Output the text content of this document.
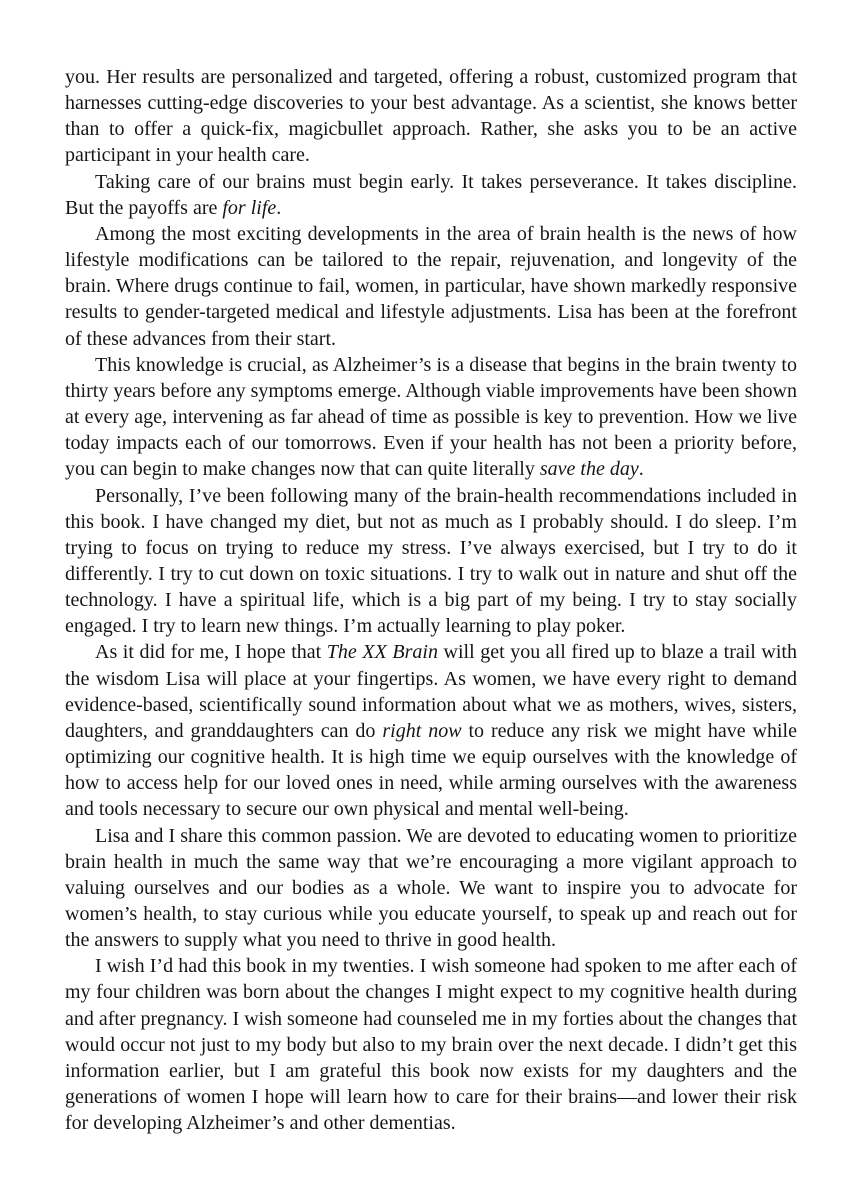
you. Her results are personalized and targeted, offering a robust, customized program that harnesses cutting-edge discoveries to your best advantage. As a scientist, she knows better than to offer a quick-fix, magicbullet approach. Rather, she asks you to be an active participant in your health care.

Taking care of our brains must begin early. It takes perseverance. It takes discipline. But the payoffs are for life.

Among the most exciting developments in the area of brain health is the news of how lifestyle modifications can be tailored to the repair, rejuvenation, and longevity of the brain. Where drugs continue to fail, women, in particular, have shown markedly responsive results to gender-targeted medical and lifestyle adjustments. Lisa has been at the forefront of these advances from their start.

This knowledge is crucial, as Alzheimer’s is a disease that begins in the brain twenty to thirty years before any symptoms emerge. Although viable improvements have been shown at every age, intervening as far ahead of time as possible is key to prevention. How we live today impacts each of our tomorrows. Even if your health has not been a priority before, you can begin to make changes now that can quite literally save the day.

Personally, I’ve been following many of the brain-health recommendations included in this book. I have changed my diet, but not as much as I probably should. I do sleep. I’m trying to focus on trying to reduce my stress. I’ve always exercised, but I try to do it differently. I try to cut down on toxic situations. I try to walk out in nature and shut off the technology. I have a spiritual life, which is a big part of my being. I try to stay socially engaged. I try to learn new things. I’m actually learning to play poker.

As it did for me, I hope that The XX Brain will get you all fired up to blaze a trail with the wisdom Lisa will place at your fingertips. As women, we have every right to demand evidence-based, scientifically sound information about what we as mothers, wives, sisters, daughters, and granddaughters can do right now to reduce any risk we might have while optimizing our cognitive health. It is high time we equip ourselves with the knowledge of how to access help for our loved ones in need, while arming ourselves with the awareness and tools necessary to secure our own physical and mental well-being.

Lisa and I share this common passion. We are devoted to educating women to prioritize brain health in much the same way that we’re encouraging a more vigilant approach to valuing ourselves and our bodies as a whole. We want to inspire you to advocate for women’s health, to stay curious while you educate yourself, to speak up and reach out for the answers to supply what you need to thrive in good health.

I wish I’d had this book in my twenties. I wish someone had spoken to me after each of my four children was born about the changes I might expect to my cognitive health during and after pregnancy. I wish someone had counseled me in my forties about the changes that would occur not just to my body but also to my brain over the next decade. I didn’t get this information earlier, but I am grateful this book now exists for my daughters and the generations of women I hope will learn how to care for their brains—and lower their risk for developing Alzheimer’s and other dementias.
